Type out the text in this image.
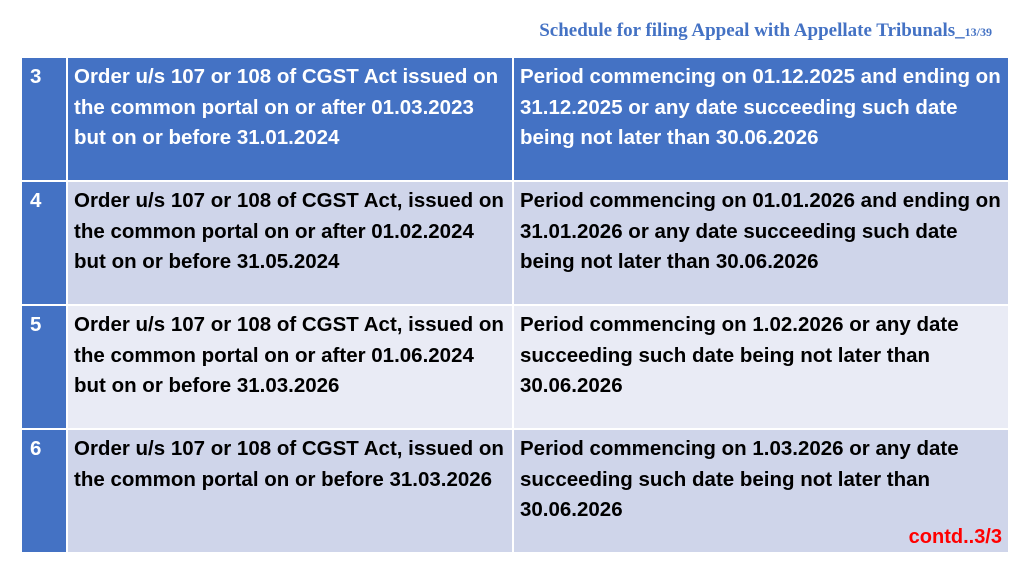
Schedule for filing Appeal with Appellate Tribunals_13/39
3	Order u/s 107 or 108 of CGST Act issued on the common portal on or after 01.03.2023 but on or before 31.01.2024	Period commencing on 01.12.2025 and ending on 31.12.2025 or any date succeeding such date being not later than 30.06.2026
4	Order u/s 107 or 108 of CGST Act, issued on the common portal on or after 01.02.2024 but on or before 31.05.2024	Period commencing on 01.01.2026 and ending on 31.01.2026 or any date succeeding such date being not later than 30.06.2026
5	Order u/s 107 or 108 of CGST Act, issued on the common portal on or after 01.06.2024 but on or before 31.03.2026	Period commencing on 1.02.2026 or any date succeeding such date being not later than 30.06.2026
6	Order u/s 107 or 108 of CGST Act, issued on the common portal on or before 31.03.2026	Period commencing on 1.03.2026 or any date succeeding such date being not later than 30.06.2026
contd..3/3
